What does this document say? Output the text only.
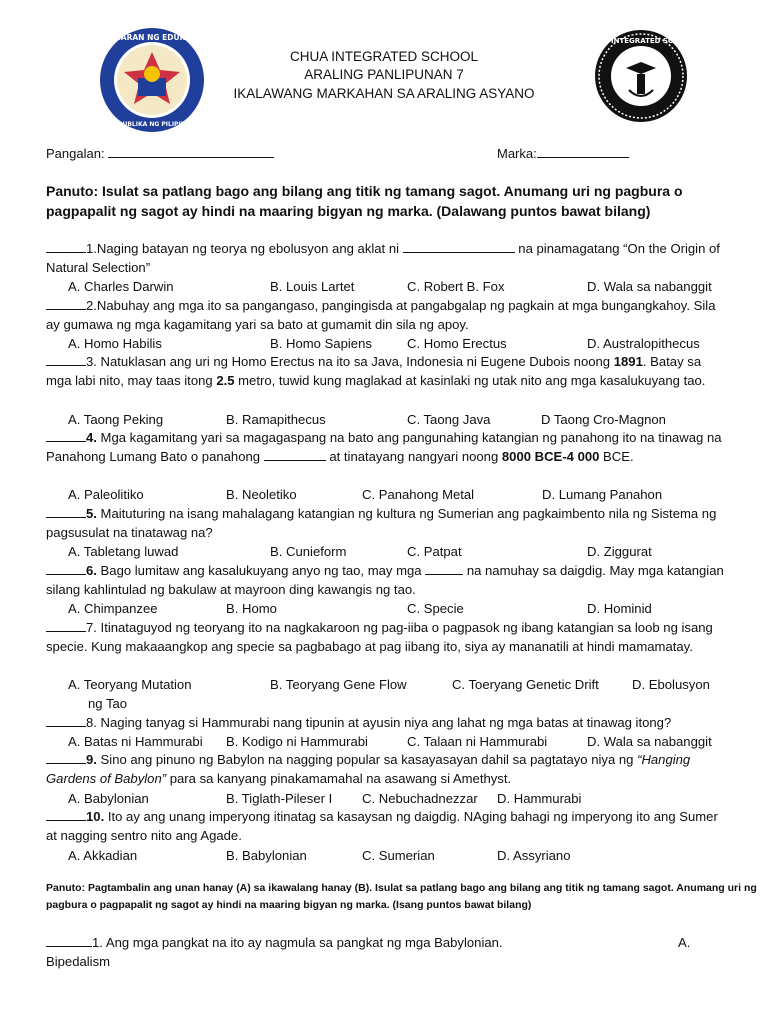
KAGAWARAN NG EDUKASYON
REPUBLIKA NG PILIPINAS
CHUA INTEGRATED SCHOOL
ARALING PANLIPUNAN 7
IKALAWANG MARKAHAN SA ARALING ASYANO
CHUA INTEGRATED SCHOOL
Pangalan:	Marka:
Panuto: Isulat sa patlang bago ang bilang ang titik ng tamang sagot. Anumang uri ng pagbura o pagpapalit ng sagot ay hindi na maaring bigyan ng marka. (Dalawang puntos bawat bilang)
1.Naging batayan ng teorya ng ebolusyon ang aklat ni	na pinamagatang “On the Origin of Natural Selection”
A. Charles Darwin	B. Louis Lartet	C. Robert B. Fox	D. Wala sa nabanggit
2.Nabuhay ang mga ito sa pangangaso, pangingisda at pangabgalap ng pagkain at mga bungangkahoy. Sila ay gumawa ng mga kagamitang yari sa bato at gumamit din sila ng apoy.
A. Homo Habilis	B. Homo Sapiens	C. Homo Erectus	D. Australopithecus
3. Natuklasan ang uri ng Homo Erectus na ito sa Java, Indonesia ni Eugene Dubois noong 1891. Batay sa mga labi nito, may taas itong 2.5 metro, tuwid kung maglakad at kasinlaki ng utak nito ang mga kasalukuyang tao.
A. Taong Peking	B. Ramapithecus	C. Taong Java	D Taong Cro-Magnon
4. Mga kagamitang yari sa magagaspang na bato ang pangunahing katangian ng panahong ito na tinawag na Panahong Lumang Bato o panahong	at tinatayang nangyari noong 8000 BCE-4 000 BCE.
A. Paleolitiko	B. Neoletiko	C. Panahong Metal	D. Lumang Panahon
5. Maituturing na isang mahalagang katangian ng kultura ng Sumerian ang pagkaimbento nila ng Sistema ng pagsusulat na tinatawag na?
A. Tabletang luwad	B. Cunieform	C. Patpat	D. Ziggurat
6. Bago lumitaw ang kasalukuyang anyo ng tao, may mga	na namuhay sa daigdig. May mga katangian silang kahlintulad ng bakulaw at mayroon ding kawangis ng tao.
A. Chimpanzee	B. Homo	C. Specie	D. Hominid
7. Itinataguyod ng teoryang ito na nagkakaroon ng pag-iiba o pagpasok ng ibang katangian sa loob ng isang specie. Kung makaaangkop ang specie sa pagbabago at pag iibang ito, siya ay mananatili at hindi mamamatay.
A. Teoryang Mutation	B. Teoryang Gene Flow	C. Toeryang Genetic Drift	D. Ebolusyon
ng Tao
8. Naging tanyag si Hammurabi nang tipunin at ayusin niya ang lahat ng mga batas at tinawag itong?
A. Batas ni Hammurabi B. Kodigo ni Hammurabi	C. Talaan ni Hammurabi	D. Wala sa nabanggit
9. Sino ang pinuno ng Babylon na nagging popular sa kasayasayan dahil sa pagtatayo niya ng “Hanging Gardens of Babylon” para sa kanyang pinakamamahal na asawang si Amethyst.
A. Babylonian	B. Tiglath-Pileser I C. Nebuchadnezzar D. Hammurabi
10. Ito ay ang unang imperyong itinatag sa kasaysan ng daigdig. NAging bahagi ng imperyong ito ang Sumer at nagging sentro nito ang Agade.
A. Akkadian	B. Babylonian	C. Sumerian	D. Assyriano
Panuto: Pagtambalin ang unan hanay (A) sa ikawalang hanay (B). Isulat sa patlang bago ang bilang ang titik ng tamang sagot. Anumang uri ng pagbura o pagpapalit ng sagot ay hindi na maaring bigyan ng marka. (Isang puntos bawat bilang)
1. Ang mga pangkat na ito ay nagmula sa pangkat ng mga Babylonian.	A.
Bipedalism
